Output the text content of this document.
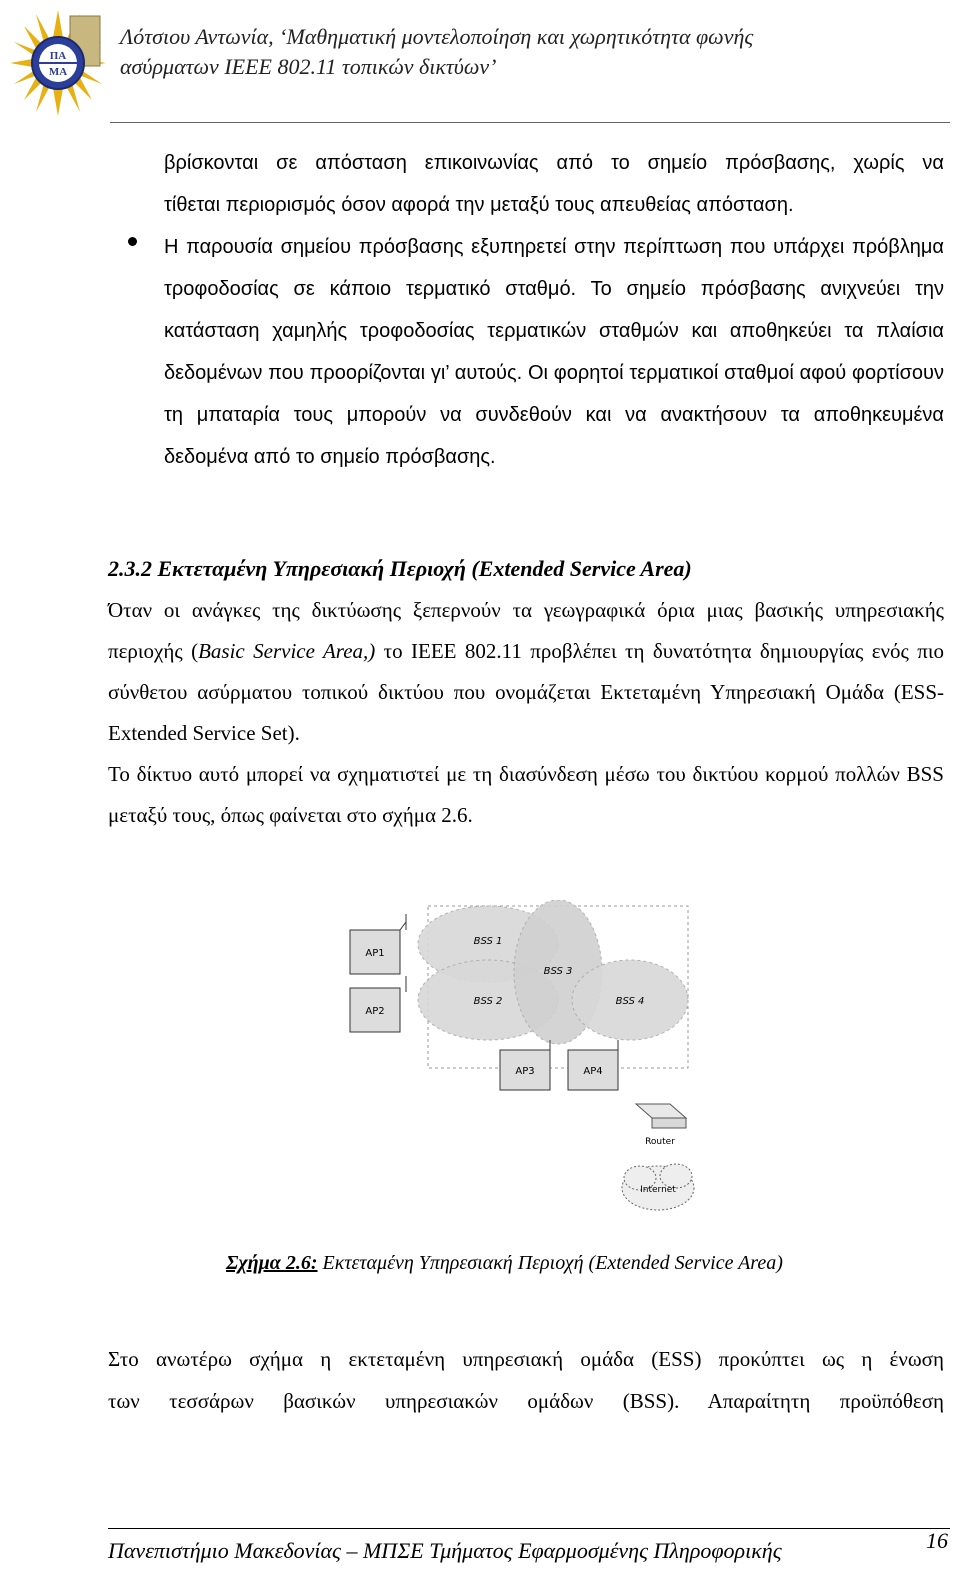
ΠΑ
ΜΑ
Λότσιου Αντωνία, ‘Μαθηματική μοντελοποίηση και χωρητικότητα φωνής
ασύρματων ΙΕΕΕ 802.11 τοπικών δικτύων’

βρίσκονται σε απόσταση επικοινωνίας από το σημείο πρόσβασης, χωρίς να

τίθεται περιορισμός όσον αφορά την μεταξύ τους απευθείας απόσταση.

Η παρουσία σημείου πρόσβασης εξυπηρετεί στην περίπτωση που υπάρχει πρόβλημα τροφοδοσίας σε κάποιο τερματικό σταθμό. Το σημείο πρόσβασης ανιχνεύει την κατάσταση χαμηλής τροφοδοσίας τερματικών σταθμών και αποθηκεύει τα πλαίσια δεδομένων που προορίζονται γι’ αυτούς. Οι φορητοί τερματικοί σταθμοί αφού φορτίσουν τη μπαταρία τους μπορούν να συνδεθούν και να ανακτήσουν τα αποθηκευμένα δεδομένα από το σημείο πρόσβασης.

2.3.2 Εκτεταμένη Υπηρεσιακή Περιοχή (Extended Service Area)

Όταν οι ανάγκες της δικτύωσης ξεπερνούν τα γεωγραφικά όρια μιας βασικής υπηρεσιακής περιοχής (Basic Service Area,) το IEEE 802.11 προβλέπει τη δυνατότητα δημιουργίας ενός πιο σύνθετου ασύρματου τοπικού δικτύου που ονομάζεται Εκτεταμένη Υπηρεσιακή Ομάδα (ESS-Extended Service Set).

Το δίκτυο αυτό μπορεί να σχηματιστεί με τη διασύνδεση μέσω του δικτύου κορμού πολλών BSS μεταξύ τους, όπως φαίνεται στο σχήμα 2.6.

BSS 1
BSS 2
BSS 3
BSS 4
AP1
AP2
AP3	AP4
Router
Internet
Σχήμα 2.6: Εκτεταμένη Υπηρεσιακή Περιοχή (Extended Service Area)

Στο ανωτέρω σχήμα η εκτεταμένη υπηρεσιακή ομάδα (ESS) προκύπτει ως η ένωση

των τεσσάρων βασικών υπηρεσιακών ομάδων (BSS). Απαραίτητη προϋπόθεση

Πανεπιστήμιο Μακεδονίας – ΜΠΣΕ Τμήματος Εφαρμοσμένης Πληροφορικής	16
